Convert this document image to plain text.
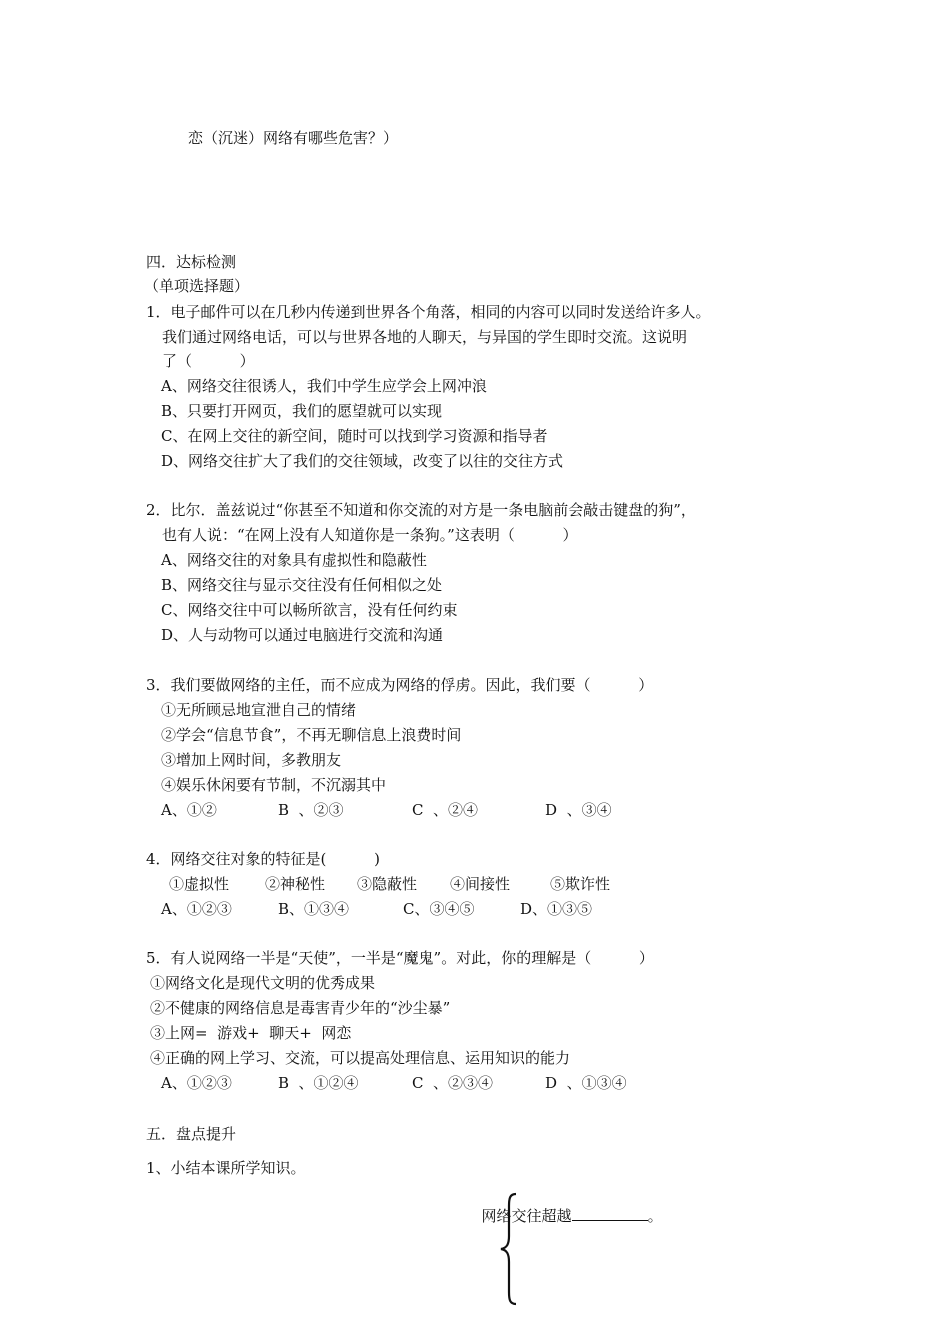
恋（沉迷）网络有哪些危害？）
四．达标检测
（单项选择题）
1．电子邮件可以在几秒内传递到世界各个角落，相同的内容可以同时发送给许多人。
我们通过网络电话，可以与世界各地的人聊天，与异国的学生即时交流。这说明
了（          ）
A、网络交往很诱人，我们中学生应学会上网冲浪
B、只要打开网页，我们的愿望就可以实现
C、在网上交往的新空间，随时可以找到学习资源和指导者
D、网络交往扩大了我们的交往领域，改变了以往的交往方式
2．比尔．盖兹说过“你甚至不知道和你交流的对方是一条电脑前会敲击键盘的狗”，
也有人说：“在网上没有人知道你是一条狗。”这表明（          ）
A、网络交往的对象具有虚拟性和隐蔽性
B、网络交往与显示交往没有任何相似之处
C、网络交往中可以畅所欲言，没有任何约束
D、人与动物可以通过电脑进行交流和沟通
3．我们要做网络的主任，而不应成为网络的俘虏。因此，我们要（          ）
①无所顾忌地宣泄自己的情绪
②学会“信息节食”，不再无聊信息上浪费时间
③增加上网时间，多教朋友
④娱乐休闲要有节制，不沉溺其中
A、①②	B  、②③	C  、②④	D  、③④
4．网络交往对象的特征是(          )
①虚拟性 ②神秘性 ③隐蔽性 ④间接性	⑤欺诈性
A、①②③	B、①③④	C、③④⑤	D、①③⑤
5．有人说网络一半是“天使”，一半是“魔鬼”。对此，你的理解是（          ）
①网络文化是现代文明的优秀成果
②不健康的网络信息是毒害青少年的“沙尘暴”
③上网=  游戏+  聊天+  网恋
④正确的网上学习、交流，可以提高处理信息、运用知识的能力
A、①②③	B  、①②④	C  、②③④	D  、①③④
五．盘点提升
1、小结本课所学知识。

网络交往超越	。
